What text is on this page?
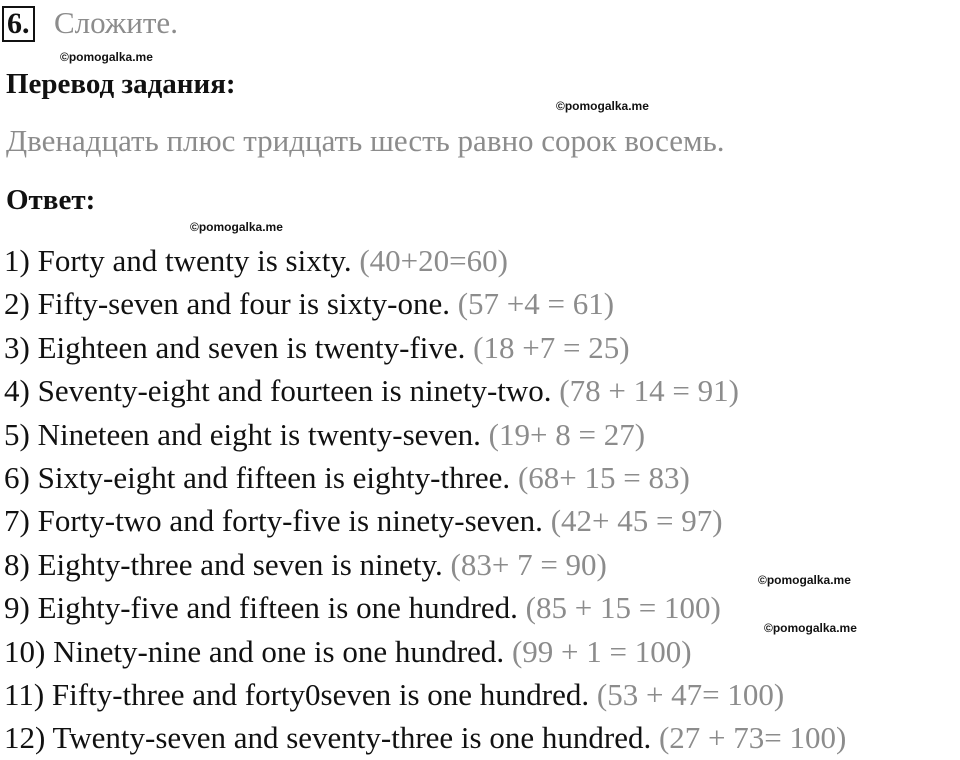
6. Сложите.
©pomogalka.me
Перевод задания:
©pomogalka.me
Двенадцать плюс тридцать шесть равно сорок восемь.
Ответ:
©pomogalka.me
1) Forty and twenty is sixty. (40+20=60)
2) Fifty-seven and four is sixty-one. (57 +4 = 61)
3) Eighteen and seven is twenty-five. (18 +7 = 25)
4) Seventy-eight and fourteen is ninety-two. (78 + 14 = 91)
5) Nineteen and eight is twenty-seven. (19+ 8 = 27)
6) Sixty-eight and fifteen is eighty-three. (68+ 15 = 83)
7) Forty-two and forty-five is ninety-seven. (42+ 45 = 97)
8) Eighty-three and seven is ninety. (83+ 7 = 90)
9) Eighty-five and fifteen is one hundred. (85 + 15 = 100)
10) Ninety-nine and one is one hundred. (99 + 1 = 100)
11) Fifty-three and forty0seven is one hundred. (53 + 47= 100)
12) Twenty-seven and seventy-three is one hundred. (27 + 73= 100)
©pomogalka.me
©pomogalka.me
